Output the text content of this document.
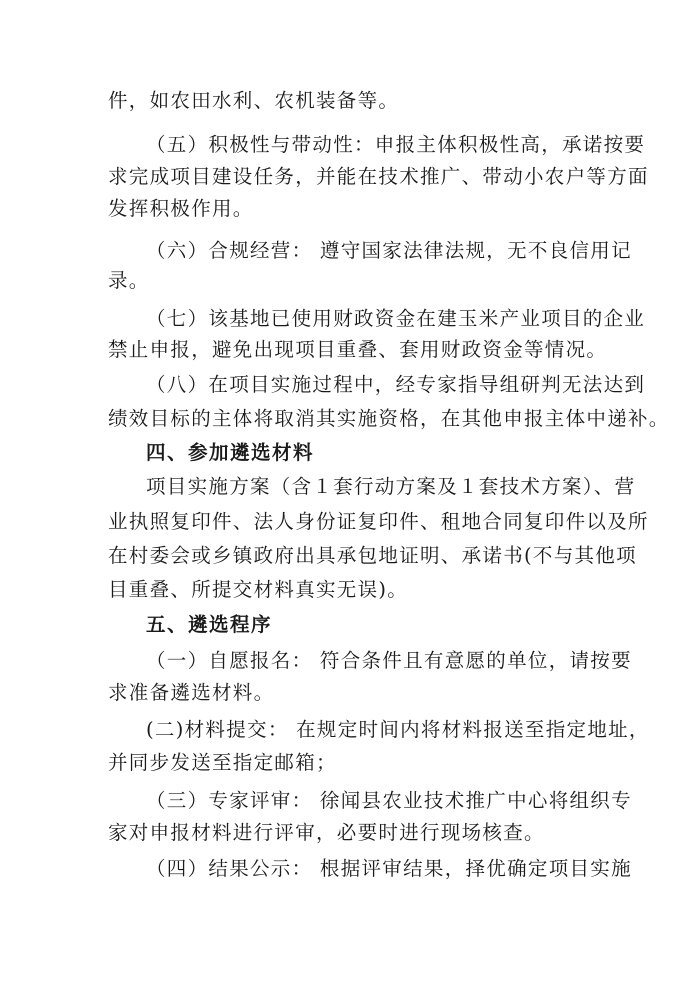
件，如农田水利、农机装备等。
（五）积极性与带动性：申报主体积极性高，承诺按要
求完成项目建设任务，并能在技术推广、带动小农户等方面
发挥积极作用。
（六）合规经营： 遵守国家法律法规，无不良信用记
录。
（七）该基地已使用财政资金在建玉米产业项目的企业
禁止申报，避免出现项目重叠、套用财政资金等情况。
（八）在项目实施过程中，经专家指导组研判无法达到
绩效目标的主体将取消其实施资格，在其他申报主体中递补。
四、参加遴选材料
项目实施方案（含１套行动方案及１套技术方案）、营
业执照复印件、法人身份证复印件、租地合同复印件以及所
在村委会或乡镇政府出具承包地证明、承诺书(不与其他项
目重叠、所提交材料真实无误)。
五、遴选程序
（一）自愿报名： 符合条件且有意愿的单位，请按要
求准备遴选材料。
(二)材料提交： 在规定时间内将材料报送至指定地址，
并同步发送至指定邮箱；
（三）专家评审： 徐闻县农业技术推广中心将组织专
家对申报材料进行评审，必要时进行现场核查。
（四）结果公示： 根据评审结果，择优确定项目实施
